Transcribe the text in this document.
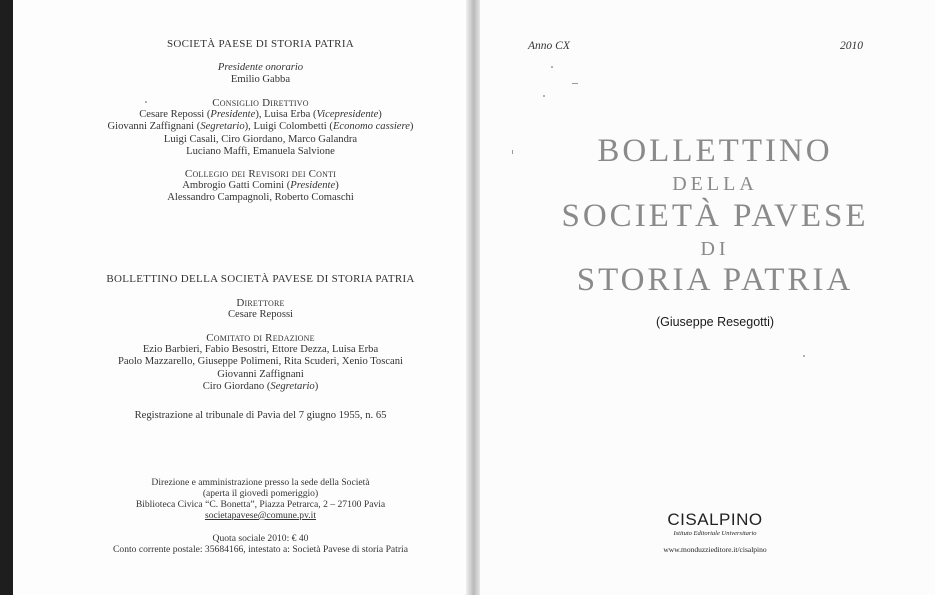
SOCIETÀ PAESE DI STORIA PATRIA
Presidente onorario
Emilio Gabba
Consiglio Direttivo
Cesare Repossi (Presidente), Luisa Erba (Vicepresidente)
Giovanni Zaffignani (Segretario), Luigi Colombetti (Economo cassiere)
Luigi Casali, Ciro Giordano, Marco Galandra
Luciano Maffi, Emanuela Salvione
Collegio dei Revisori dei Conti
Ambrogio Gatti Comini (Presidente)
Alessandro Campagnoli, Roberto Comaschi
BOLLETTINO DELLA SOCIETÀ PAVESE DI STORIA PATRIA
Direttore
Cesare Repossi
Comitato di Redazione
Ezio Barbieri, Fabio Besostri, Ettore Dezza, Luisa Erba
Paolo Mazzarello, Giuseppe Polimeni, Rita Scuderi, Xenio Toscani
Giovanni Zaffignani
Ciro Giordano (Segretario)
Registrazione al tribunale di Pavia del 7 giugno 1955, n. 65
Direzione e amministrazione presso la sede della Società
(aperta il giovedì pomeriggio)
Biblioteca Civica “C. Bonetta”, Piazza Petrarca, 2 – 27100 Pavia
societapavese@comune.pv.it
Quota sociale 2010: € 40
Conto corrente postale: 35684166, intestato a: Società Pavese di storia Patria
Anno CX	2010
BOLLETTINO
DELLA
SOCIETÀ PAVESE
DI
STORIA PATRIA
(Giuseppe Resegotti)
CISALPINO
Istituto Editoriale Universitario
www.monduzzieditore.it/cisalpino
